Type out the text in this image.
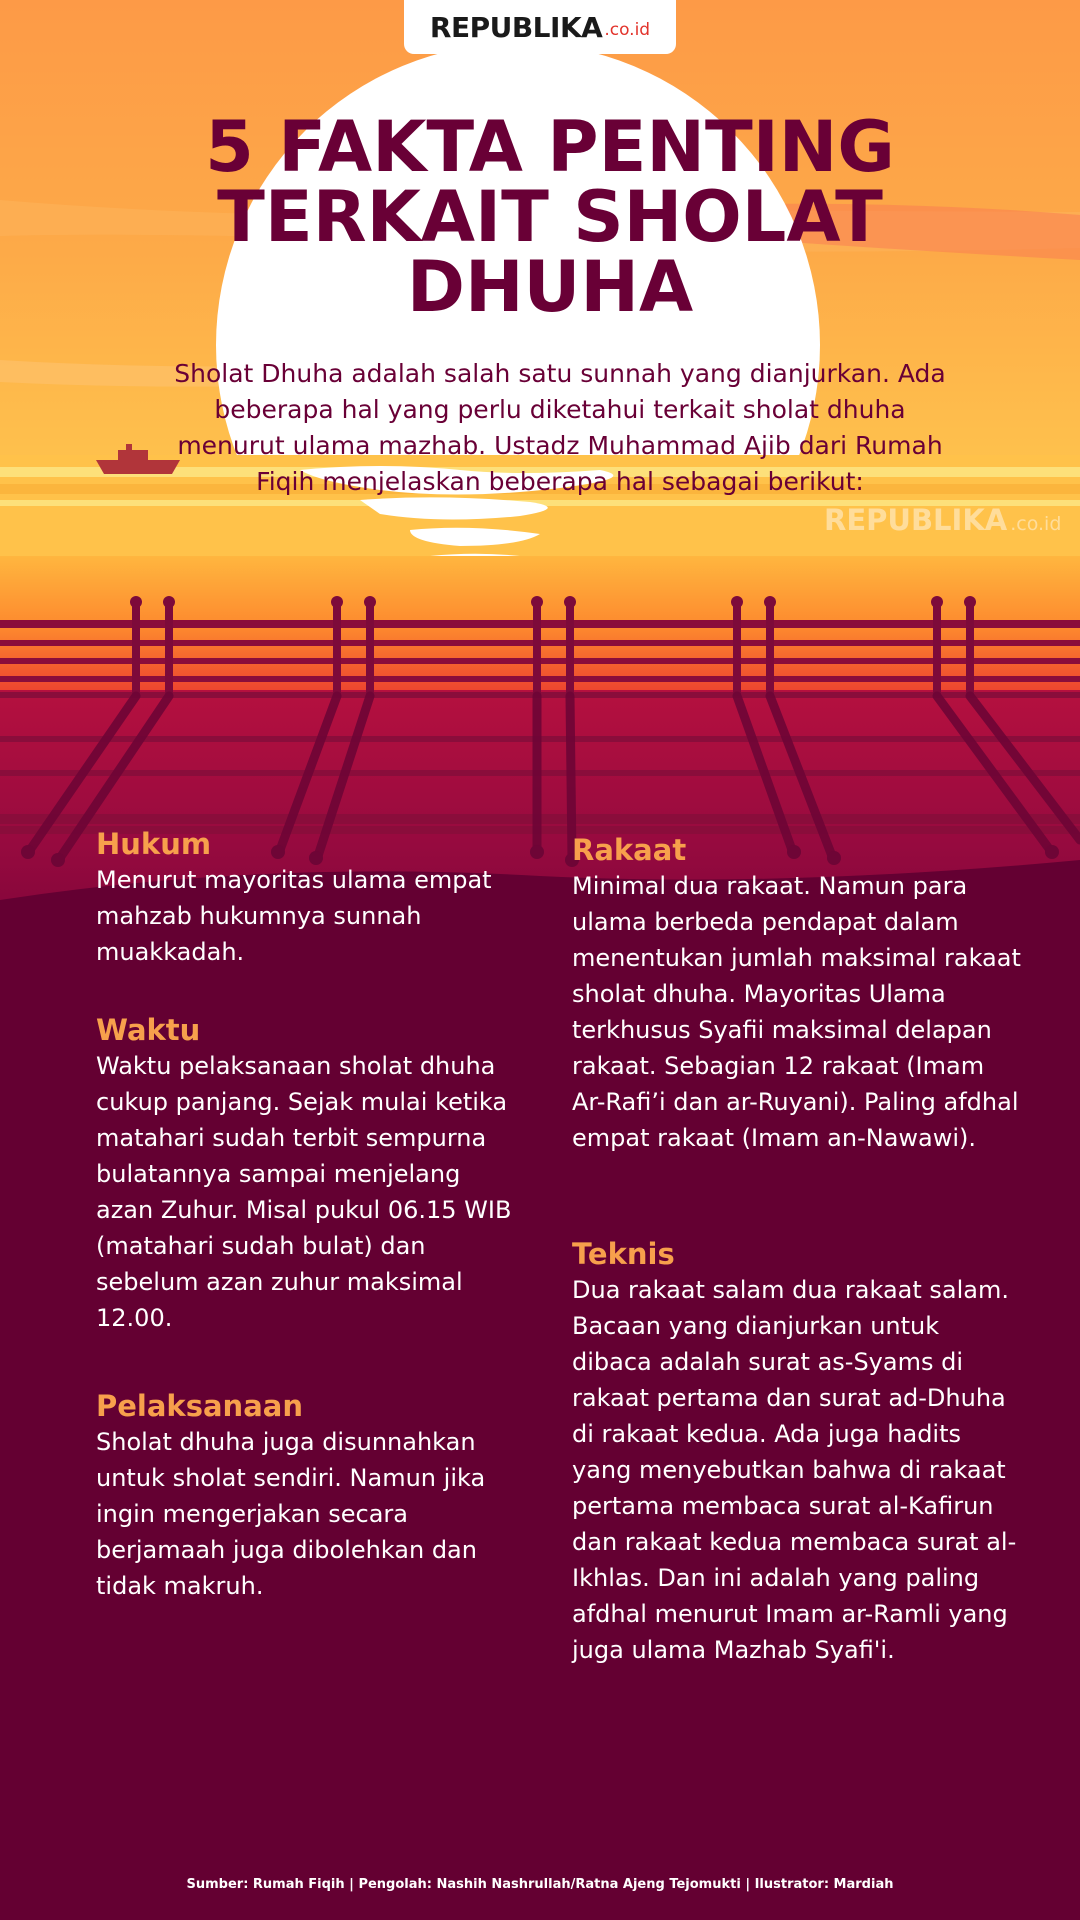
REPUBLIKA .co.id
5 FAKTA PENTING TERKAIT SHOLAT DHUHA

Sholat Dhuha adalah salah satu sunnah yang dianjurkan. Ada beberapa hal yang perlu diketahui terkait sholat dhuha menurut ulama mazhab. Ustadz Muhammad Ajib dari Rumah Fiqih menjelaskan beberapa hal sebagai berikut:

REPUBLIKA .co.id
Hukum

Menurut mayoritas ulama empat mahzab hukumnya sunnah muakkadah.

Waktu

Waktu pelaksanaan sholat dhuha cukup panjang. Sejak mulai ketika matahari sudah terbit sempurna bulatannya sampai menjelang azan Zuhur. Misal pukul 06.15 WIB (matahari sudah bulat) dan sebelum azan zuhur maksimal 12.00.

Pelaksanaan

Sholat dhuha juga disunnahkan untuk sholat sendiri. Namun jika ingin mengerjakan secara berjamaah juga dibolehkan dan tidak makruh.

Rakaat

Minimal dua rakaat. Namun para ulama berbeda pendapat dalam menentukan jumlah maksimal rakaat sholat dhuha. Mayoritas Ulama terkhusus Syafii maksimal delapan rakaat. Sebagian 12 rakaat (Imam Ar-Rafi’i dan ar-Ruyani). Paling afdhal empat rakaat (Imam an-Nawawi).

Teknis

Dua rakaat salam dua rakaat salam. Bacaan yang dianjurkan untuk dibaca adalah surat as-Syams di rakaat pertama dan surat ad-Dhuha di rakaat kedua. Ada juga hadits yang menyebutkan bahwa di rakaat pertama membaca surat al-Kafirun dan rakaat kedua membaca surat al-Ikhlas. Dan ini adalah yang paling afdhal menurut Imam ar-Ramli yang juga ulama Mazhab Syafi'i.

Sumber: Rumah Fiqih | Pengolah: Nashih Nashrullah/Ratna Ajeng Tejomukti | Ilustrator: Mardiah
